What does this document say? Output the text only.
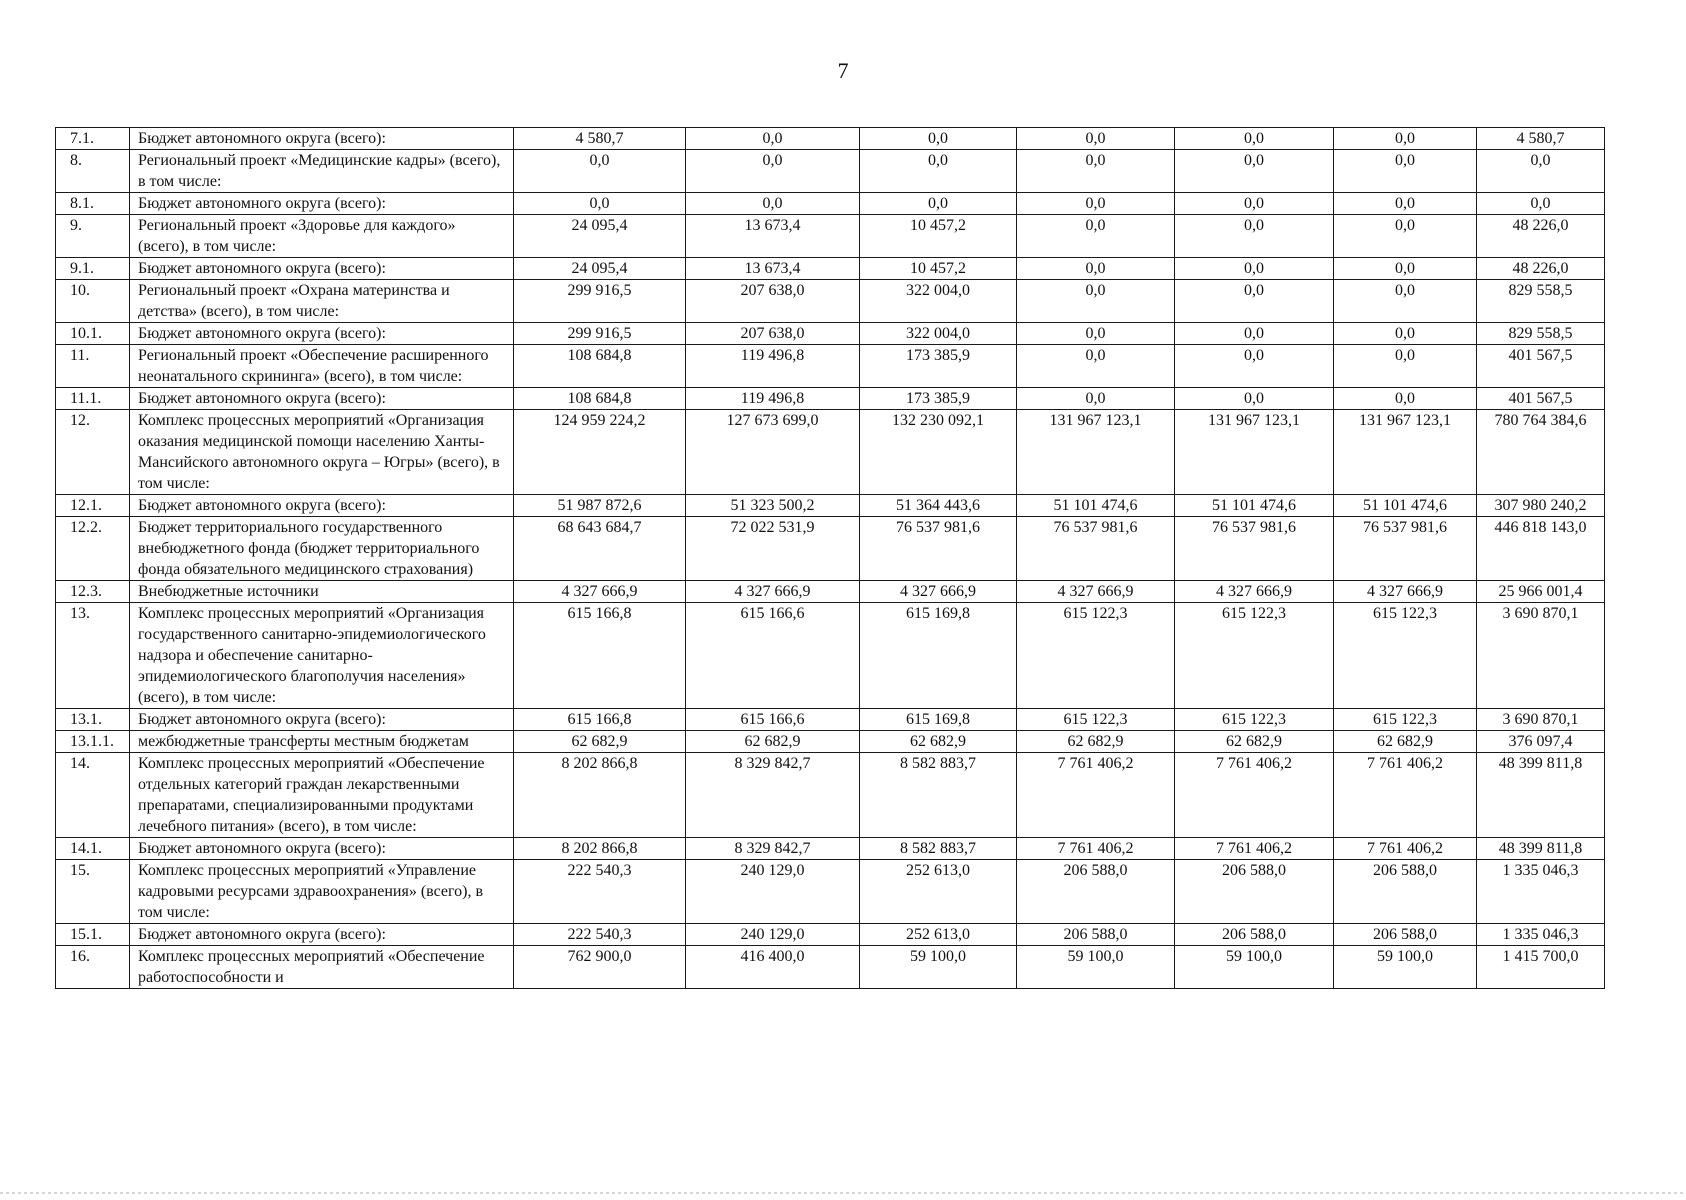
7
7.1.	Бюджет автономного округа (всего):	4 580,7	0,0	0,0	0,0	0,0	0,0	4 580,7
8.	Региональный проект «Медицинские кадры» (всего), в том числе:	0,0	0,0	0,0	0,0	0,0	0,0	0,0
8.1.	Бюджет автономного округа (всего):	0,0	0,0	0,0	0,0	0,0	0,0	0,0
9.	Региональный проект «Здоровье для каждого» (всего), в том числе:	24 095,4	13 673,4	10 457,2	0,0	0,0	0,0	48 226,0
9.1.	Бюджет автономного округа (всего):	24 095,4	13 673,4	10 457,2	0,0	0,0	0,0	48 226,0
10.	Региональный проект «Охрана материнства и детства» (всего), в том числе:	299 916,5	207 638,0	322 004,0	0,0	0,0	0,0	829 558,5
10.1.	Бюджет автономного округа (всего):	299 916,5	207 638,0	322 004,0	0,0	0,0	0,0	829 558,5
11.	Региональный проект «Обеспечение расширенного неонатального скрининга» (всего), в том числе:	108 684,8	119 496,8	173 385,9	0,0	0,0	0,0	401 567,5
11.1.	Бюджет автономного округа (всего):	108 684,8	119 496,8	173 385,9	0,0	0,0	0,0	401 567,5
12.	Комплекс процессных мероприятий «Организация оказания медицинской помощи населению Ханты-Мансийского автономного округа – Югры» (всего), в том числе:	124 959 224,2	127 673 699,0	132 230 092,1	131 967 123,1	131 967 123,1	131 967 123,1	780 764 384,6
12.1.	Бюджет автономного округа (всего):	51 987 872,6	51 323 500,2	51 364 443,6	51 101 474,6	51 101 474,6	51 101 474,6	307 980 240,2
12.2.	Бюджет территориального государственного внебюджетного фонда (бюджет территориального фонда обязательного медицинского страхования)	68 643 684,7	72 022 531,9	76 537 981,6	76 537 981,6	76 537 981,6	76 537 981,6	446 818 143,0
12.3.	Внебюджетные источники	4 327 666,9	4 327 666,9	4 327 666,9	4 327 666,9	4 327 666,9	4 327 666,9	25 966 001,4
13.	Комплекс процессных мероприятий «Организация государственного санитарно-эпидемиологического надзора и обеспечение санитарно-эпидемиологического благополучия населения» (всего), в том числе:	615 166,8	615 166,6	615 169,8	615 122,3	615 122,3	615 122,3	3 690 870,1
13.1.	Бюджет автономного округа (всего):	615 166,8	615 166,6	615 169,8	615 122,3	615 122,3	615 122,3	3 690 870,1
13.1.1.	межбюджетные трансферты местным бюджетам	62 682,9	62 682,9	62 682,9	62 682,9	62 682,9	62 682,9	376 097,4
14.	Комплекс процессных мероприятий «Обеспечение отдельных категорий граждан лекарственными препаратами, специализированными продуктами лечебного питания» (всего), в том числе:	8 202 866,8	8 329 842,7	8 582 883,7	7 761 406,2	7 761 406,2	7 761 406,2	48 399 811,8
14.1.	Бюджет автономного округа (всего):	8 202 866,8	8 329 842,7	8 582 883,7	7 761 406,2	7 761 406,2	7 761 406,2	48 399 811,8
15.	Комплекс процессных мероприятий «Управление кадровыми ресурсами здравоохранения» (всего), в том числе:	222 540,3	240 129,0	252 613,0	206 588,0	206 588,0	206 588,0	1 335 046,3
15.1.	Бюджет автономного округа (всего):	222 540,3	240 129,0	252 613,0	206 588,0	206 588,0	206 588,0	1 335 046,3
16.	Комплекс процессных мероприятий «Обеспечение работоспособности и	762 900,0	416 400,0	59 100,0	59 100,0	59 100,0	59 100,0	1 415 700,0
